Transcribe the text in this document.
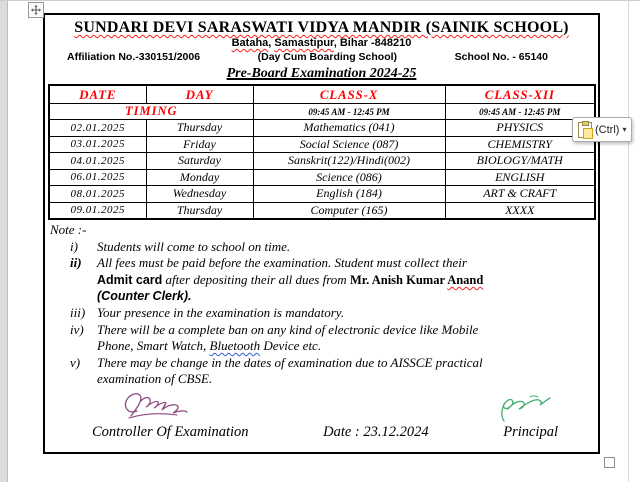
SUNDARI DEVI SARASWATI VIDYA MANDIR (SAINIK SCHOOL)
Bataha, Samastipur, Bihar -848210
Affiliation No.-330151/2006	(Day Cum Boarding School)	School No. - 65140
Pre-Board Examination 2024-25
DATE	DAY	CLASS-X	CLASS-XII
TIMING		09:45 AM - 12:45 PM	09:45 AM - 12:45 PM
02.01.2025	Thursday	Mathematics (041)	PHYSICS
03.01.2025	Friday	Social Science (087)	CHEMISTRY
04.01.2025	Saturday	Sanskrit(122)/Hindi(002)	BIOLOGY/MATH
06.01.2025	Monday	Science (086)	ENGLISH
08.01.2025	Wednesday	English (184)	ART & CRAFT
09.01.2025	Thursday	Computer (165)	XXXX
Note :-
i)	Students will come to school on time.
ii)	All fees must be paid before the examination. Student must collect their
Admit card after depositing their all dues from Mr. Anish Kumar Anand
(Counter Clerk).
iii) Your presence in the examination is mandatory.
iv)	There will be a complete ban on any kind of electronic device like Mobile
Phone, Smart Watch, Bluetooth Device etc.
v)	There may be change in the dates of examination due to AISSCE practical
examination of CBSE.
Controller Of Examination	Date : 23.12.2024	Principal
(Ctrl) ▾
